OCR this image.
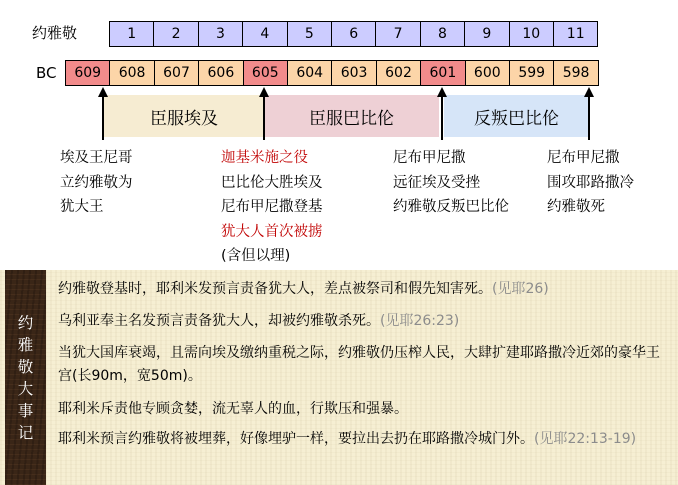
约雅敬
BC
1	2	3	4	5	6	7	8	9	10	11
609	608	607	606	605	604	603	602	601	600	599	598
臣服埃及	臣服巴比伦	反叛巴比伦
埃及王尼哥
立约雅敬为
犹大王
迦基米施之役
巴比伦大胜埃及
尼布甲尼撒登基
犹大人首次被掳
(含但以理)
尼布甲尼撒
远征埃及受挫
约雅敬反叛巴比伦
尼布甲尼撒
围攻耶路撒冷
约雅敬死
约
雅
敬
大
事
记
约雅敬登基时，耶利米发预言责备犹大人，差点被祭司和假先知害死。(见耶26)
乌利亚奉主名发预言责备犹大人，却被约雅敬杀死。(见耶26:23)
当犹大国库衰竭，且需向埃及缴纳重税之际，约雅敬仍压榨人民，大肆扩建耶路撒冷近郊的豪华王宫(长90m，宽50m)。
耶利米斥责他专顾贪婪，流无辜人的血，行欺压和强暴。
耶利米预言约雅敬将被埋葬，好像埋驴一样，要拉出去扔在耶路撒冷城门外。(见耶22:13-19)
